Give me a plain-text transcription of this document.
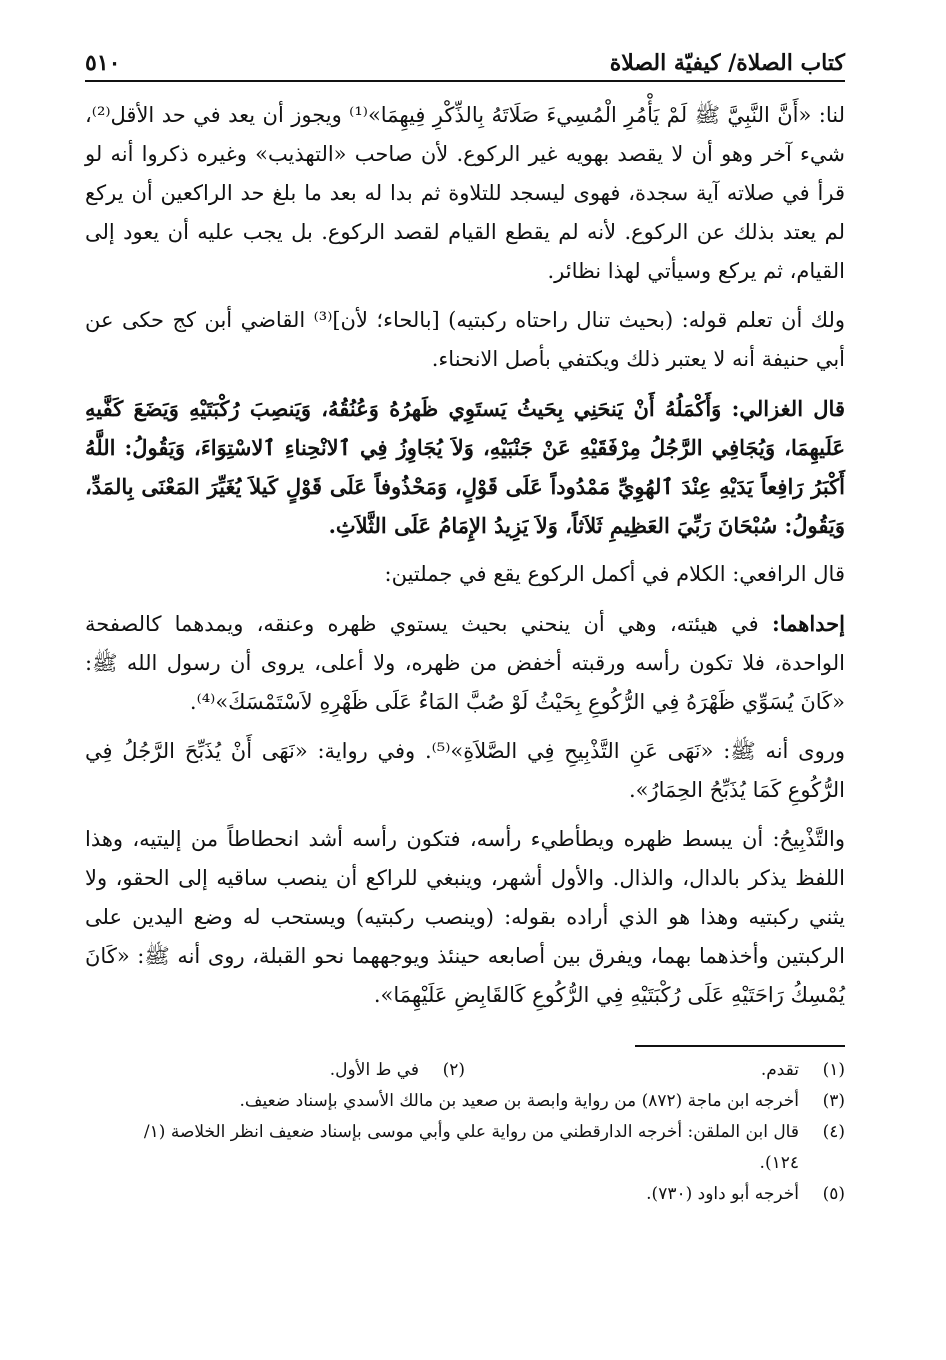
كتاب الصلاة/ كيفيّة الصلاة
٥١٠

لنا: «أَنَّ النَّبِيَّ ﷺ لَمْ يَأْمُرِ الْمُسِيءَ صَلَاتَهُ بِالذِّكْرِ فِيهِمَا»⁽¹⁾ ويجوز أن يعد في حد الأقل⁽²⁾، شيء آخر وهو أن لا يقصد بهويه غير الركوع. لأن صاحب «التهذيب» وغيره ذكروا أنه لو قرأ في صلاته آية سجدة، فهوى ليسجد للتلاوة ثم بدا له بعد ما بلغ حد الراكعين أن يركع لم يعتد بذلك عن الركوع. لأنه لم يقطع القيام لقصد الركوع. بل يجب عليه أن يعود إلى القيام، ثم يركع وسيأتي لهذا نظائر.

ولك أن تعلم قوله: (بحيث تنال راحتاه ركبتيه) [بالحاء؛ لأن]⁽³⁾ القاضي أبن كج حكى عن أبي حنيفة أنه لا يعتبر ذلك ويكتفي بأصل الانحناء.

قال الغزالي: وَأَكْمَلُهُ أَنْ يَنحَنِي بِحَيثُ يَستَوِي ظَهرُهُ وَعُنُقُهُ، وَيَنصِبَ رُكْبَتَيْهِ وَيَضَعَ كَفَّيهِ عَلَيهِمَا، وَيُجَافِي الرَّجُلُ مِرْفَقَيْهِ عَنْ جَنْبَيْهِ، وَلاَ يُجَاوِزُ فِي ٱلانْحِناءِ ٱلاسْتِوَاءَ، وَيَقُولُ: اللَّهُ أَكْبَرُ رَافِعاً يَدَيْهِ عِنْدَ ٱلهُوِيِّ مَمْدُوداً عَلَى قَوْلٍ، وَمَحْذُوفاً عَلَى قَوْلٍ كَيلاَ يُغَيِّرَ المَعْنَى بِالمَدِّ، وَيَقُولُ: سُبْحَانَ رَبِّيَ العَظِيمِ ثَلاَثاً، وَلاَ يَزِيدُ الإِمَامُ عَلَى الثَّلاَثِ.

قال الرافعي: الكلام في أكمل الركوع يقع في جملتين:

إحداهما: في هيئته، وهي أن ينحني بحيث يستوي ظهره وعنقه، ويمدهما كالصفحة الواحدة، فلا تكون رأسه ورقبته أخفض من ظهره، ولا أعلى، يروى أن رسول الله ﷺ: «كَانَ يُسَوِّي ظَهْرَهُ فِي الرُّكُوعِ بِحَيْثُ لَوْ صُبَّ المَاءُ عَلَى ظَهْرِهِ لاَسْتَمْسَكَ»⁽⁴⁾.

وروى أنه ﷺ: «نَهَى عَنِ التَّذْبِيحِ فِي الصَّلاَةِ»⁽⁵⁾. وفي رواية: «نَهَى أَنْ يُذَبِّحَ الرَّجُلُ فِي الرُّكُوعِ كَمَا يُذَبِّحُ الحِمَارُ».

والتَّذْبِيحُ: أن يبسط ظهره ويطأطيء رأسه، فتكون رأسه أشد انحطاطاً من إليتيه، وهذا اللفظ يذكر بالدال، والذال. والأول أشهر، وينبغي للراكع أن ينصب ساقيه إلى الحقو، ولا يثني ركبتيه وهذا هو الذي أراده بقوله: (وينصب ركبتيه) ويستحب له وضع اليدين على الركبتين وأخذهما بهما، ويفرق بين أصابعه حينئذ ويوجههما نحو القبلة، روى أنه ﷺ: «كَانَ يُمْسِكُ رَاحَتَيْهِ عَلَى رُكْبَتَيْهِ فِي الرُّكُوعِ كَالقَابِضِ عَلَيْهِمَا».

(١)تقدم.
(٢)في ط الأول.
(٣)أخرجه ابن ماجة (٨٧٢) من رواية وابصة بن صعيد بن مالك الأسدي بإسناد ضعيف.
(٤)قال ابن الملقن: أخرجه الدارقطني من رواية علي وأبي موسى بإسناد ضعيف انظر الخلاصة (١/
١٢٤).
(٥)أخرجه أبو داود (٧٣٠).
